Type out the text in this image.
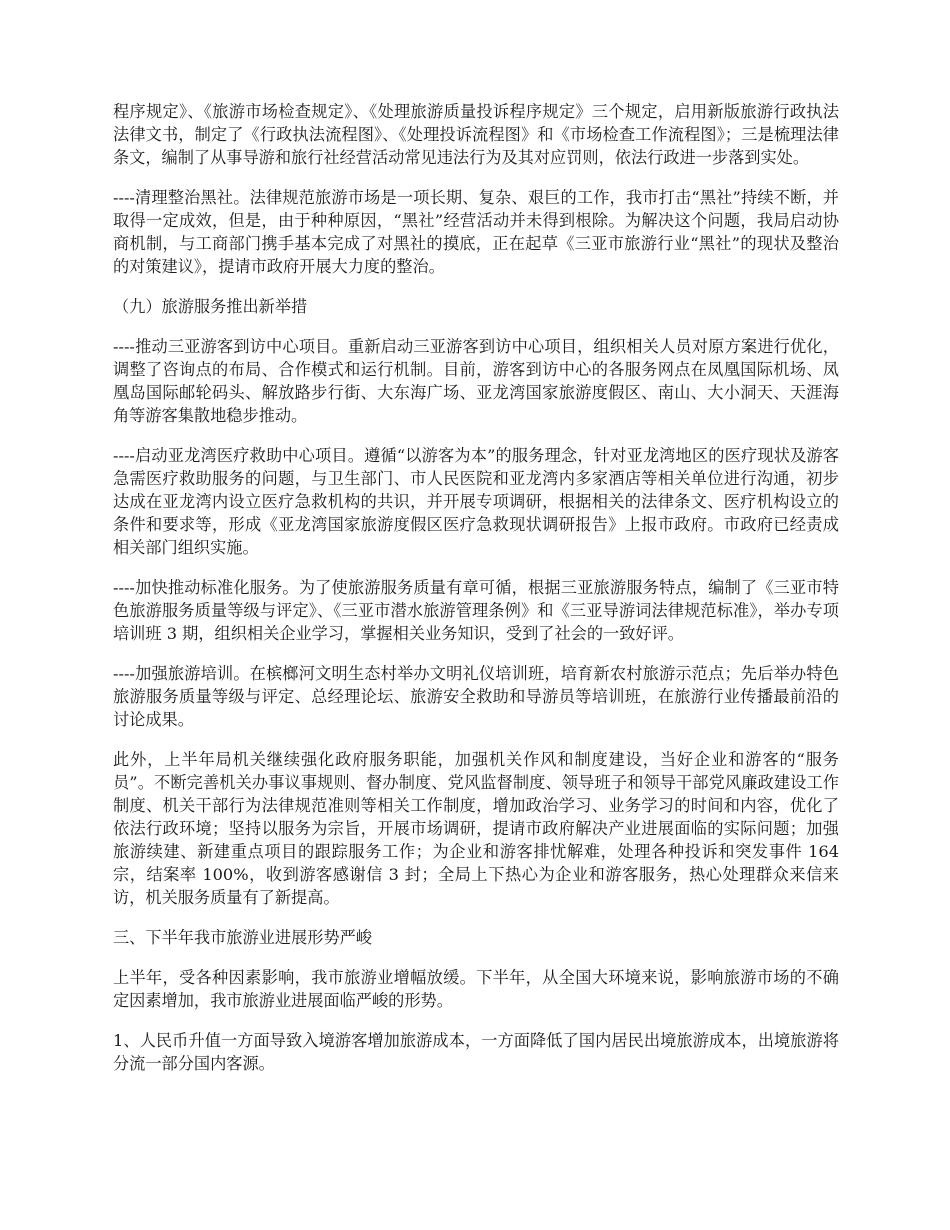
程序规定》、《旅游市场检查规定》、《处理旅游质量投诉程序规定》三个规定，启用新版旅游行政执法法律文书，制定了《行政执法流程图》、《处理投诉流程图》和《市场检查工作流程图》；三是梳理法律条文，编制了从事导游和旅行社经营活动常见违法行为及其对应罚则，依法行政进一步落到实处。

----清理整治黑社。法律规范旅游市场是一项长期、复杂、艰巨的工作，我市打击“黑社”持续不断，并取得一定成效，但是，由于种种原因，“黑社”经营活动并未得到根除。为解决这个问题，我局启动协商机制，与工商部门携手基本完成了对黑社的摸底，正在起草《三亚市旅游行业“黑社”的现状及整治的对策建议》，提请市政府开展大力度的整治。

（九）旅游服务推出新举措

----推动三亚游客到访中心项目。重新启动三亚游客到访中心项目，组织相关人员对原方案进行优化，调整了咨询点的布局、合作模式和运行机制。目前，游客到访中心的各服务网点在凤凰国际机场、凤凰岛国际邮轮码头、解放路步行街、大东海广场、亚龙湾国家旅游度假区、南山、大小洞天、天涯海角等游客集散地稳步推动。

----启动亚龙湾医疗救助中心项目。遵循“以游客为本”的服务理念，针对亚龙湾地区的医疗现状及游客急需医疗救助服务的问题，与卫生部门、市人民医院和亚龙湾内多家酒店等相关单位进行沟通，初步达成在亚龙湾内设立医疗急救机构的共识，并开展专项调研，根据相关的法律条文、医疗机构设立的条件和要求等，形成《亚龙湾国家旅游度假区医疗急救现状调研报告》上报市政府。市政府已经责成相关部门组织实施。

----加快推动标准化服务。为了使旅游服务质量有章可循，根据三亚旅游服务特点，编制了《三亚市特色旅游服务质量等级与评定》、《三亚市潜水旅游管理条例》和《三亚导游词法律规范标准》，举办专项培训班 3 期，组织相关企业学习，掌握相关业务知识，受到了社会的一致好评。

----加强旅游培训。在槟榔河文明生态村举办文明礼仪培训班，培育新农村旅游示范点；先后举办特色旅游服务质量等级与评定、总经理论坛、旅游安全救助和导游员等培训班，在旅游行业传播最前沿的讨论成果。

此外，上半年局机关继续强化政府服务职能，加强机关作风和制度建设，当好企业和游客的“服务员”。不断完善机关办事议事规则、督办制度、党风监督制度、领导班子和领导干部党风廉政建设工作制度、机关干部行为法律规范准则等相关工作制度，增加政治学习、业务学习的时间和内容，优化了依法行政环境；坚持以服务为宗旨，开展市场调研，提请市政府解决产业进展面临的实际问题；加强旅游续建、新建重点项目的跟踪服务工作；为企业和游客排忧解难，处理各种投诉和突发事件 164 宗，结案率 100%，收到游客感谢信 3 封；全局上下热心为企业和游客服务，热心处理群众来信来访，机关服务质量有了新提高。

三、下半年我市旅游业进展形势严峻

上半年，受各种因素影响，我市旅游业增幅放缓。下半年，从全国大环境来说，影响旅游市场的不确定因素增加，我市旅游业进展面临严峻的形势。

1、人民币升值一方面导致入境游客增加旅游成本，一方面降低了国内居民出境旅游成本，出境旅游将分流一部分国内客源。
